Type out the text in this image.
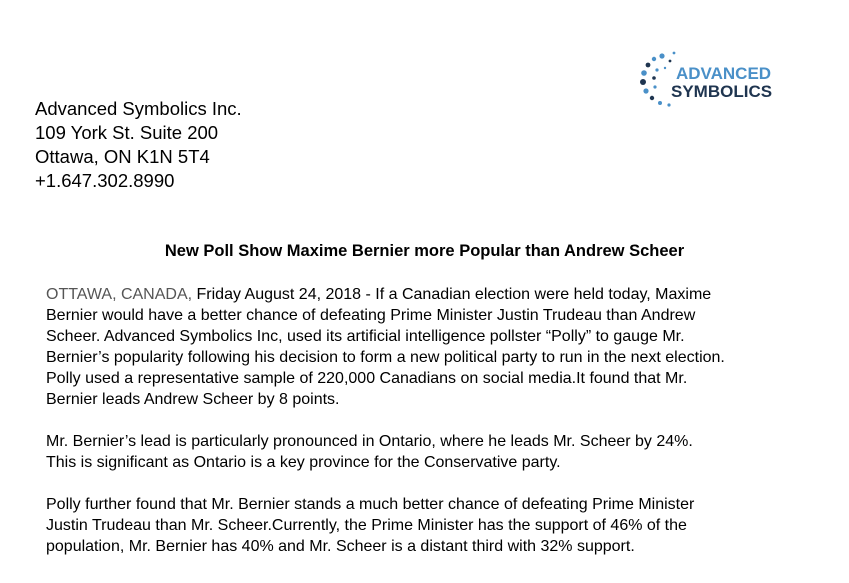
ADVANCED
SYMBOLICS
Advanced Symbolics Inc.
109 York St. Suite 200
Ottawa, ON K1N 5T4
+1.647.302.8990
New Poll Show Maxime Bernier more Popular than Andrew Scheer

OTTAWA, CANADA, Friday August 24, 2018 - If a Canadian election were held today, Maxime
Bernier would have a better chance of defeating Prime Minister Justin Trudeau than Andrew
Scheer. Advanced Symbolics Inc, used its artificial intelligence pollster “Polly” to gauge Mr.
Bernier’s popularity following his decision to form a new political party to run in the next election.
Polly used a representative sample of 220,000 Canadians on social media.It found that Mr.
Bernier leads Andrew Scheer by 8 points.

Mr. Bernier’s lead is particularly pronounced in Ontario, where he leads Mr. Scheer by 24%.
This is significant as Ontario is a key province for the Conservative party.

Polly further found that Mr. Bernier stands a much better chance of defeating Prime Minister
Justin Trudeau than Mr. Scheer.Currently, the Prime Minister has the support of 46% of the
population, Mr. Bernier has 40% and Mr. Scheer is a distant third with 32% support.
